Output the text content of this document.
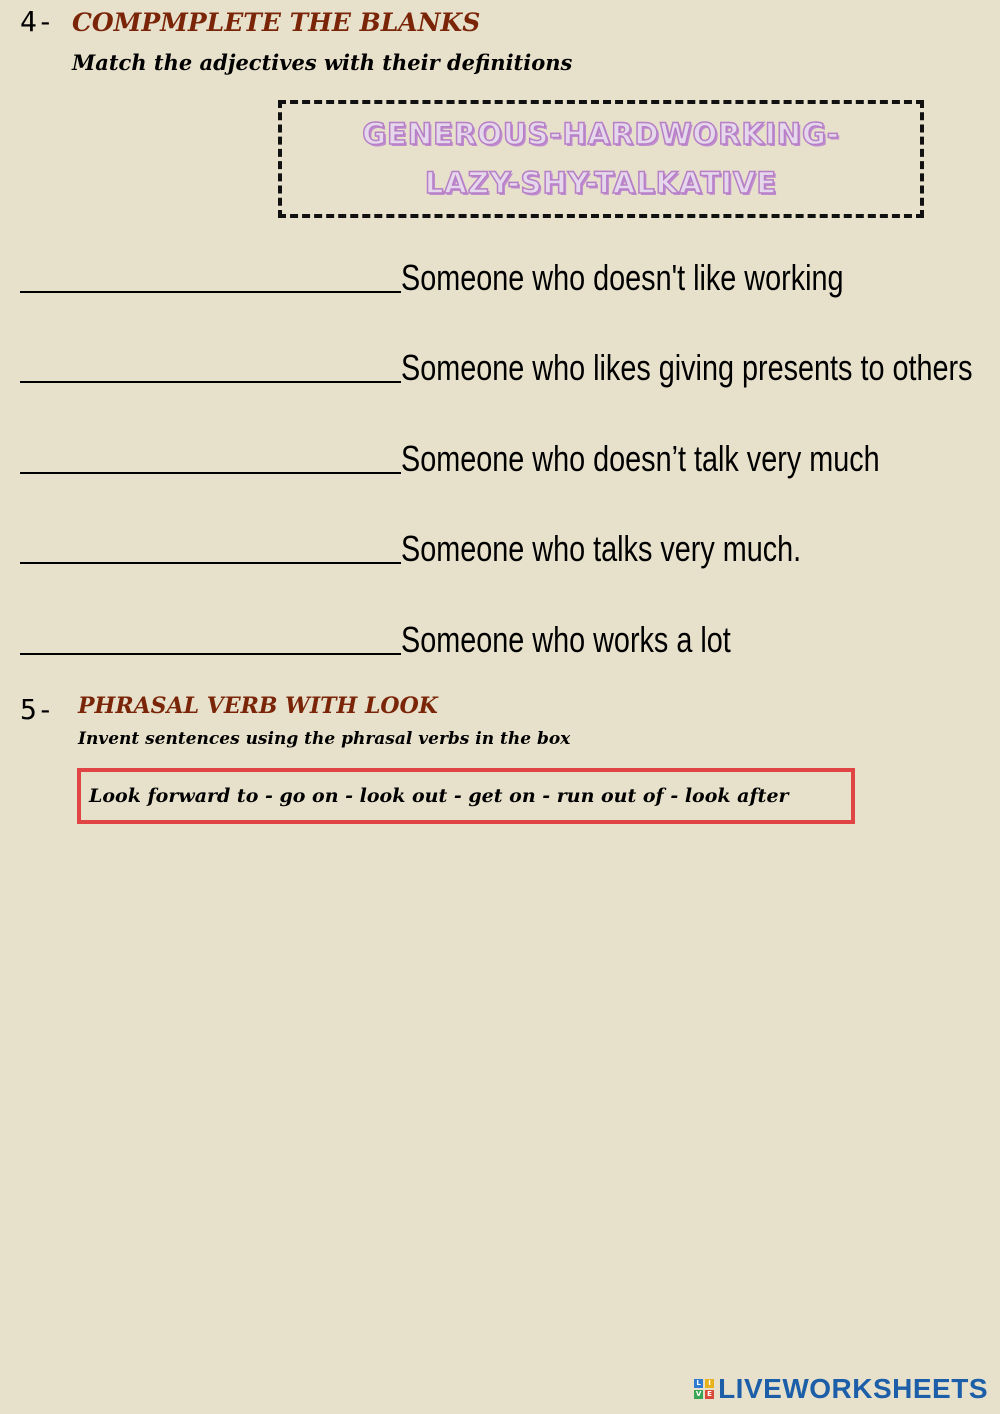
4- COMPMPLETE THE BLANKS
Match the adjectives with their definitions
GENEROUS-HARDWORKING-
LAZY-SHY-TALKATIVE
Someone who doesn't like working
Someone who likes giving presents to others
Someone who doesn’t talk very much
Someone who talks very much.
Someone who works a lot
5- PHRASAL VERB WITH LOOK
Invent sentences using the phrasal verbs in the box
Look forward to - go on - look out - get on - run out of - look after
L	I
V E LIVEWORKSHEETS
